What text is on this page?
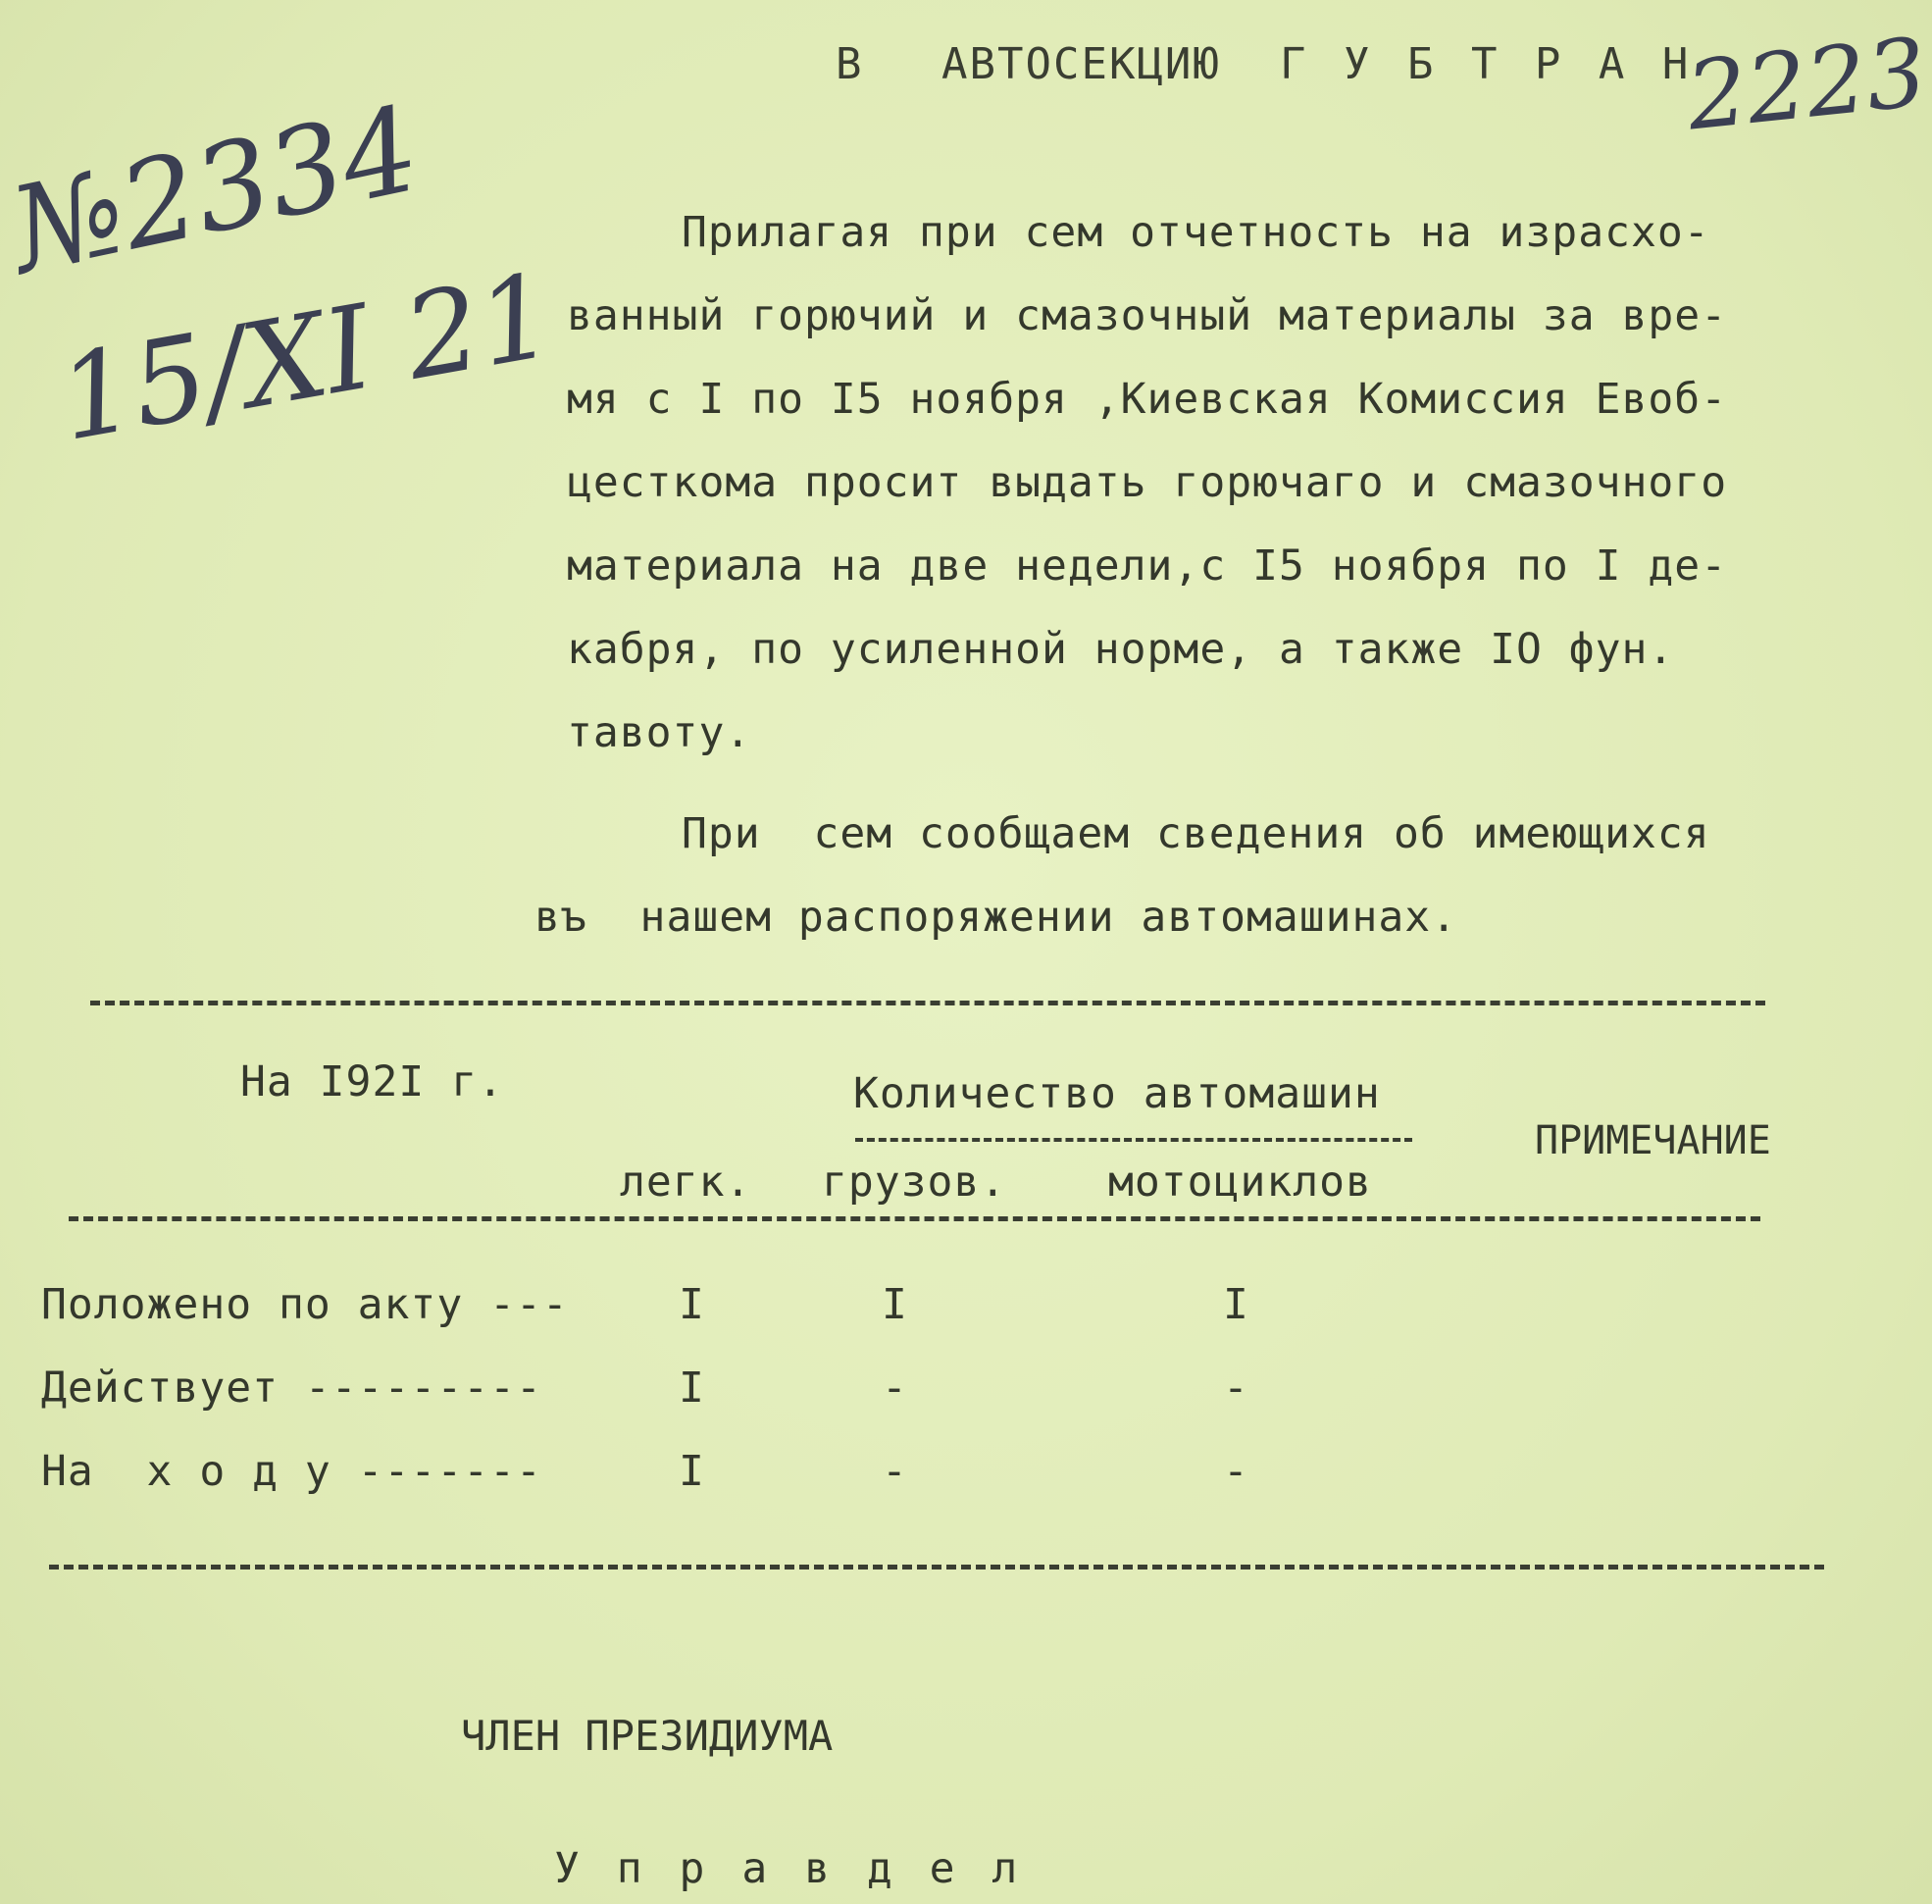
В АВТОСЕКЦИЮ Г У Б Т Р А Н
2223
№2334
15/XI 21
Прилагая при сем отчетность на израсхо-
ванный горючий и смазочный материалы за вре-
мя с I по I5 ноября ,Киевская Комиссия Евоб-
цесткома просит выдать горючаго и смазочного
материала на две недели,с I5 ноября по I де-
кабря, по усиленной норме, а также IO фун.
тавоту.
При  сем сообщаем сведения об имеющихся
въ  нашем распоряжении автомашинах.
На I92I г.	Количество автомашин
легк. грузов. мотоциклов
ПРИМЕЧАНИЕ
Положено по акту ---	I	I	I
Действует ---------	I	-	-
На  х о д у -------	I	-	-
ЧЛЕН ПРЕЗИДИУМА
У п р а в д е л
